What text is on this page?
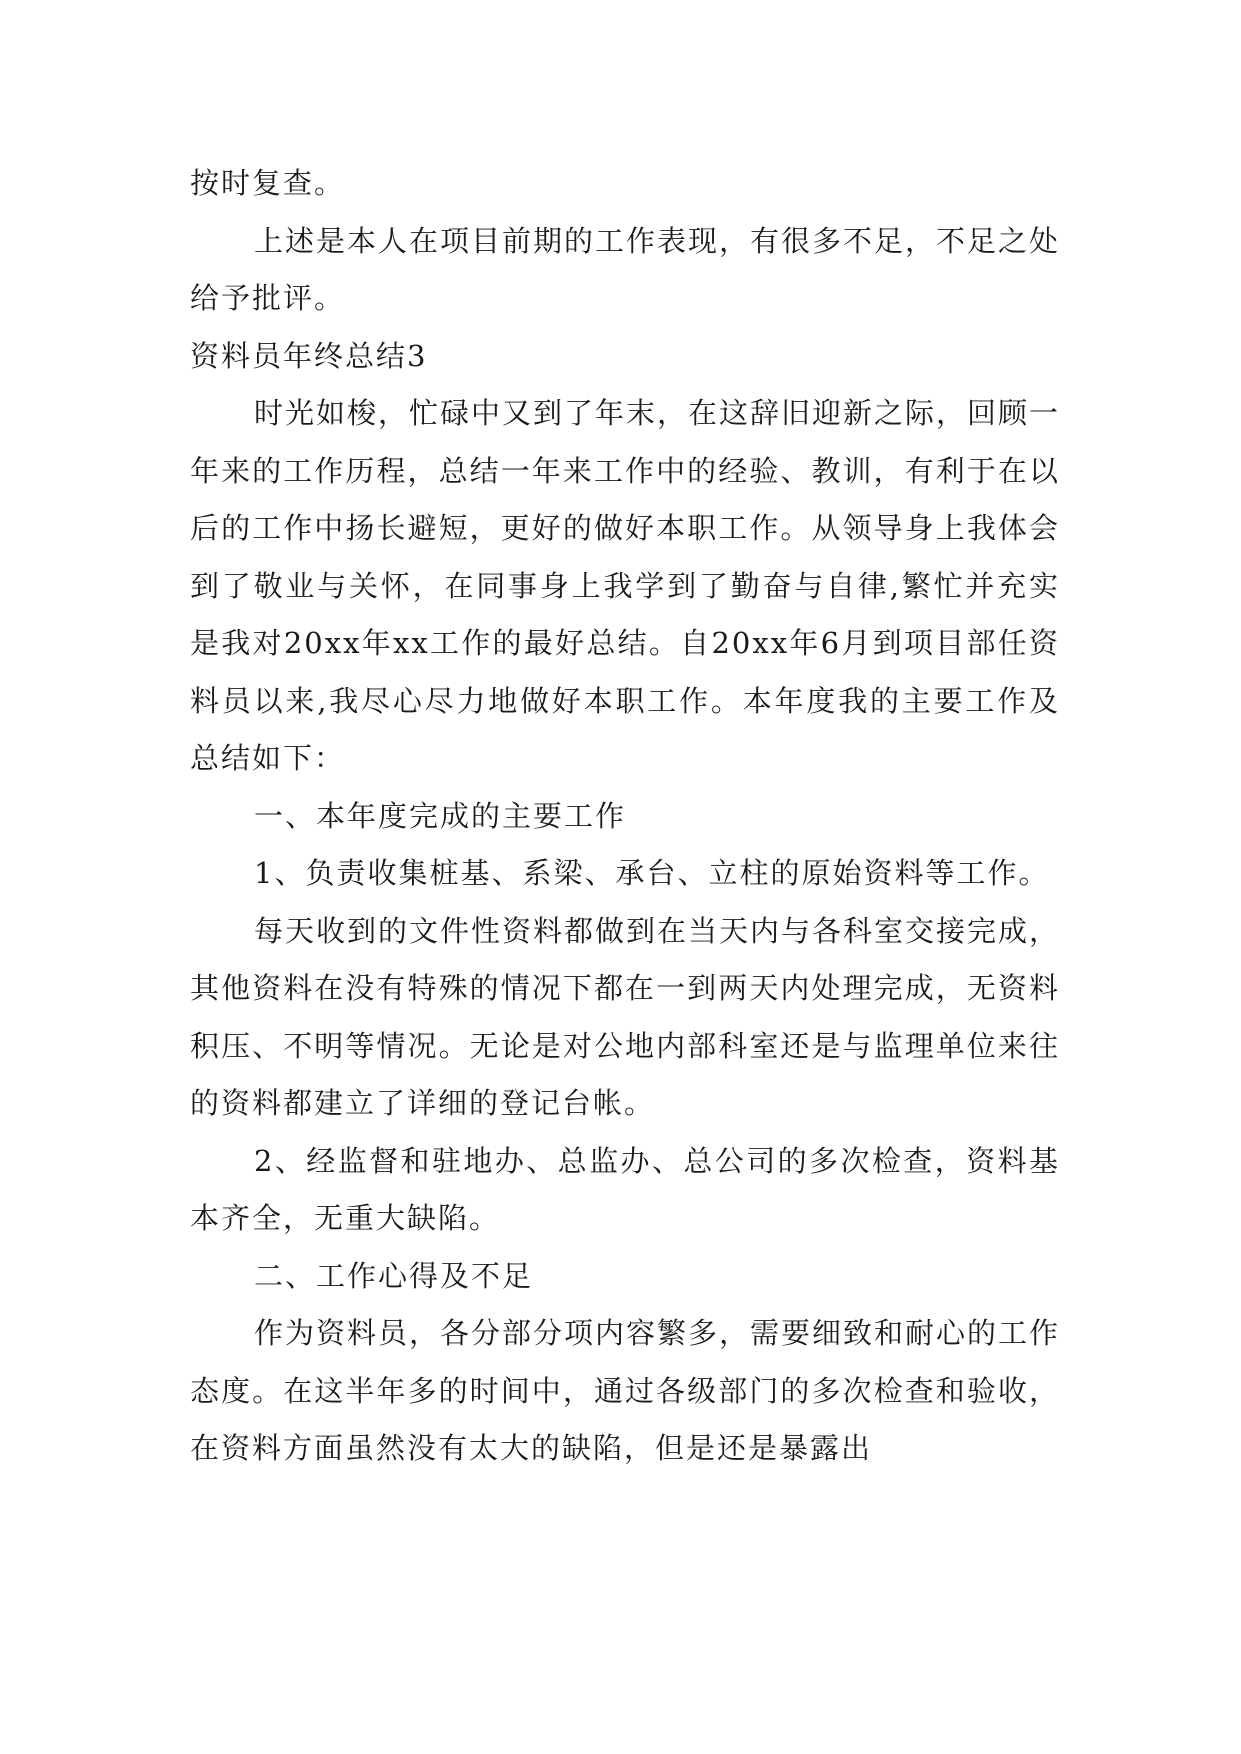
按时复查。

上述是本人在项目前期的工作表现，有很多不足，不足之处给予批评。

资料员年终总结3

时光如梭，忙碌中又到了年末，在这辞旧迎新之际，回顾一年来的工作历程，总结一年来工作中的经验、教训，有利于在以后的工作中扬长避短，更好的做好本职工作。从领导身上我体会到了敬业与关怀，在同事身上我学到了勤奋与自律,繁忙并充实是我对20xx年xx工作的最好总结。自20xx年6月到项目部任资料员以来,我尽心尽力地做好本职工作。本年度我的主要工作及总结如下：

一、本年度完成的主要工作

1、负责收集桩基、系梁、承台、立柱的原始资料等工作。

每天收到的文件性资料都做到在当天内与各科室交接完成，其他资料在没有特殊的情况下都在一到两天内处理完成，无资料积压、不明等情况。无论是对公地内部科室还是与监理单位来往的资料都建立了详细的登记台帐。

2、经监督和驻地办、总监办、总公司的多次检查，资料基本齐全，无重大缺陷。

二、工作心得及不足

作为资料员，各分部分项内容繁多，需要细致和耐心的工作态度。在这半年多的时间中，通过各级部门的多次检查和验收，在资料方面虽然没有太大的缺陷，但是还是暴露出
